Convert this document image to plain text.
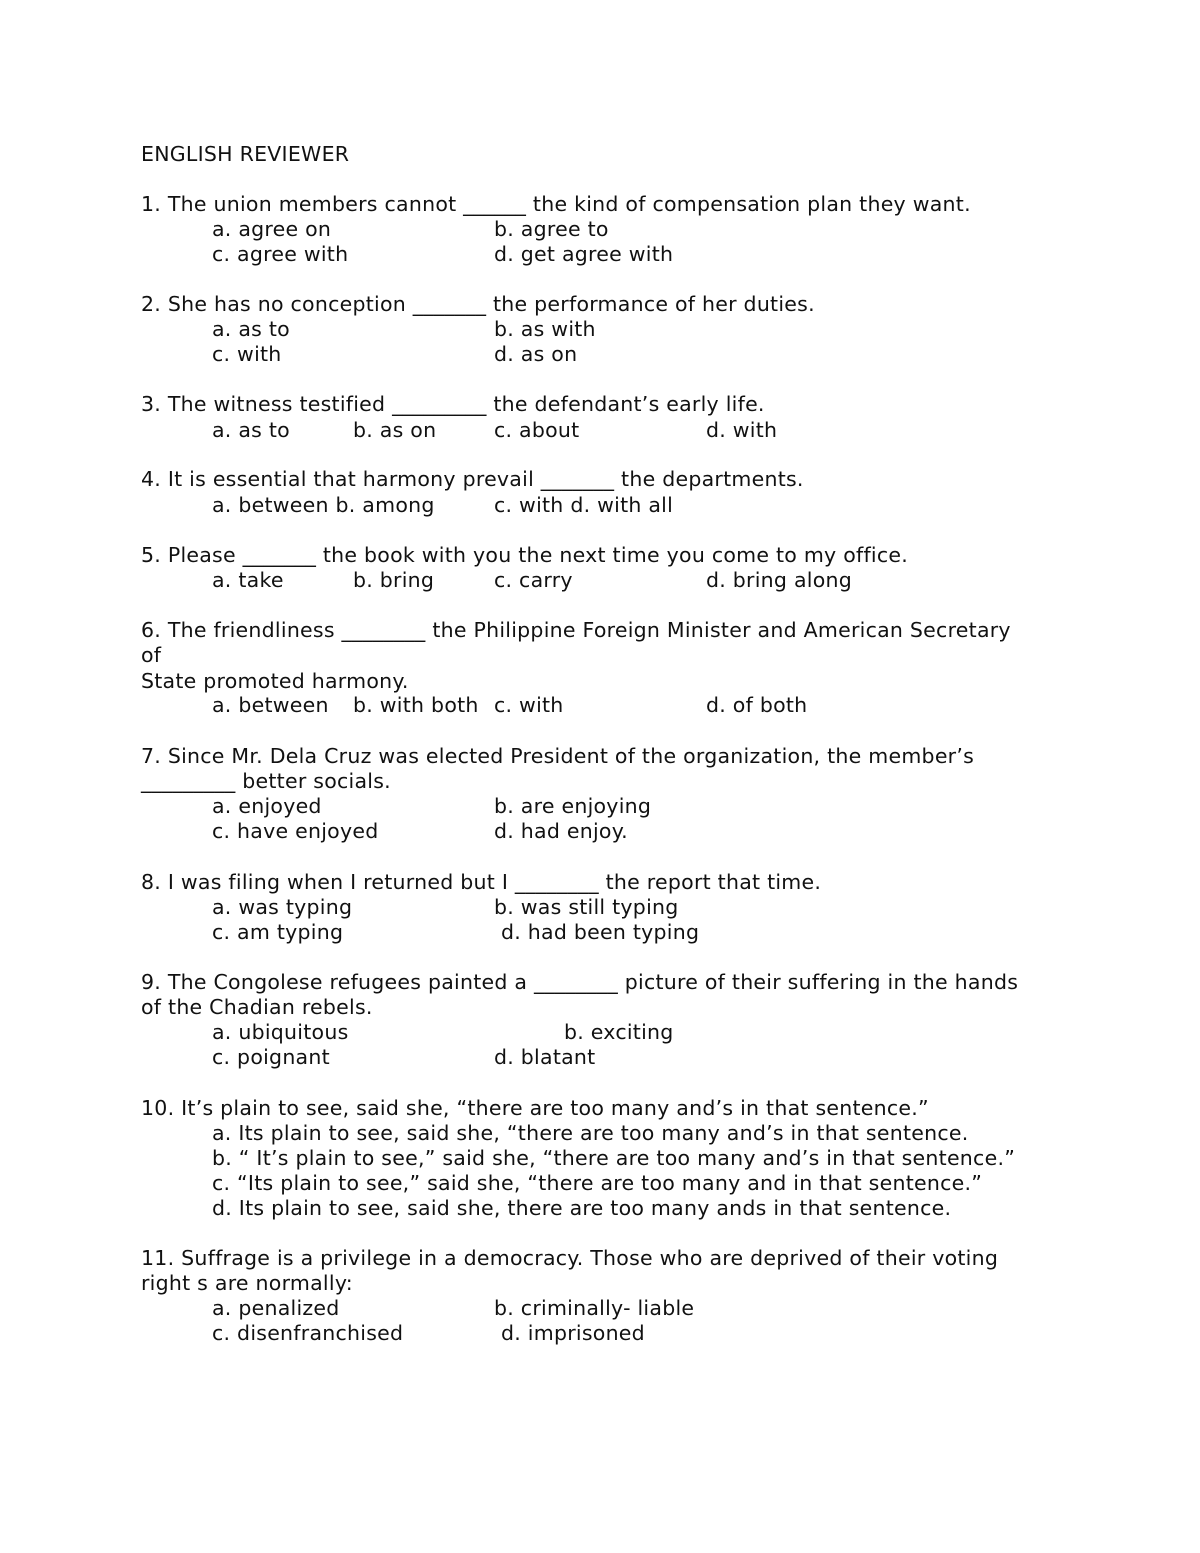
ENGLISH REVIEWER
1. The union members cannot ______ the kind of compensation plan they want.
a. agree on	b. agree to
c. agree with	d. get agree with
2. She has no conception _______ the performance of her duties.
a. as to	b. as with
c. with	d. as on
3. The witness testified _________ the defendant’s early life.
a. as to	b. as on	c. about	d. with
4. It is essential that harmony prevail _______ the departments.
a. between b. among	c. with d. with all
5. Please _______ the book with you the next time you come to my office.
a. take	b. bring	c. carry	d. bring along
6. The friendliness ________ the Philippine Foreign Minister and American Secretary
of
State promoted harmony.
a. between b. with both c. with	d. of both
7. Since Mr. Dela Cruz was elected President of the organization, the member’s
_________ better socials.
a. enjoyed	b. are enjoying
c. have enjoyed	d. had enjoy.
8. I was filing when I returned but I ________ the report that time.
a. was typing	b. was still typing
c. am typing	d. had been typing
9. The Congolese refugees painted a ________ picture of their suffering in the hands
of the Chadian rebels.
a. ubiquitous	b. exciting
c. poignant	d. blatant
10. It’s plain to see, said she, “there are too many and’s in that sentence.”
a. Its plain to see, said she, “there are too many and’s in that sentence.
b. “ It’s plain to see,” said she, “there are too many and’s in that sentence.”
c. “Its plain to see,” said she, “there are too many and in that sentence.”
d. Its plain to see, said she, there are too many ands in that sentence.
11. Suffrage is a privilege in a democracy. Those who are deprived of their voting
right s are normally:
a. penalized	b. criminally- liable
c. disenfranchised	d. imprisoned
